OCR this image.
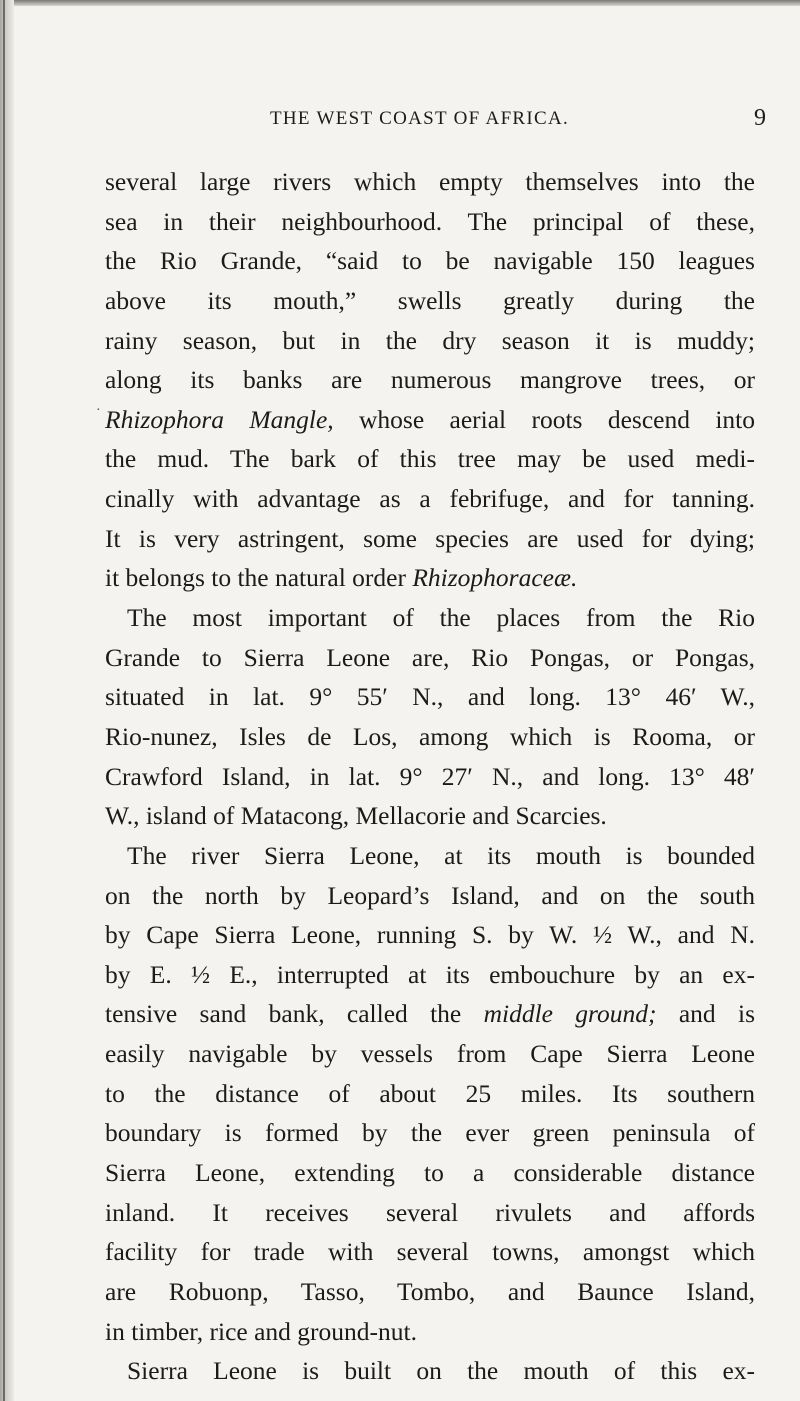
THE WEST COAST OF AFRICA.	9
·
several large rivers which empty themselves into the
sea in their neighbourhood. The principal of these,
the Rio Grande, “said to be navigable 150 leagues
above its mouth,” swells greatly during the
rainy season, but in the dry season it is muddy;
along its banks are numerous mangrove trees, or
Rhizophora Mangle, whose aerial roots descend into
the mud. The bark of this tree may be used medi-
cinally with advantage as a febrifuge, and for tanning.
It is very astringent, some species are used for dying;
it belongs to the natural order Rhizophoraceæ.
The most important of the places from the Rio
Grande to Sierra Leone are, Rio Pongas, or Pongas,
situated in lat. 9° 55′ N., and long. 13° 46′ W.,
Rio-nunez, Isles de Los, among which is Rooma, or
Crawford Island, in lat. 9° 27′ N., and long. 13° 48′
W., island of Matacong, Mellacorie and Scarcies.
The river Sierra Leone, at its mouth is bounded
on the north by Leopard’s Island, and on the south
by Cape Sierra Leone, running S. by W. ½ W., and N.
by E. ½ E., interrupted at its embouchure by an ex-
tensive sand bank, called the middle ground; and is
easily navigable by vessels from Cape Sierra Leone
to the distance of about 25 miles. Its southern
boundary is formed by the ever green peninsula of
Sierra Leone, extending to a considerable distance
inland. It receives several rivulets and affords
facility for trade with several towns, amongst which
are Robuonp, Tasso, Tombo, and Baunce Island,
in timber, rice and ground-nut.
Sierra Leone is built on the mouth of this ex-
